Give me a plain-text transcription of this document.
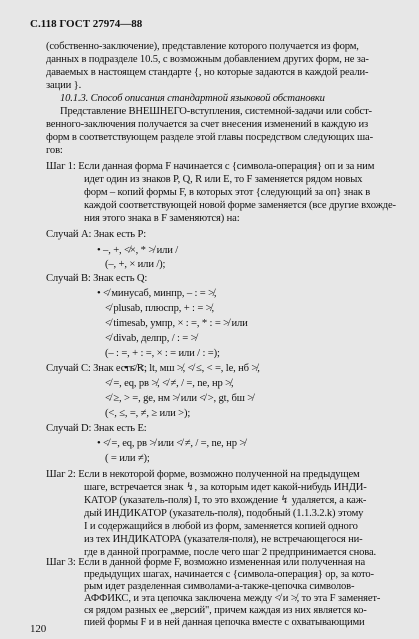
С.118 ГОСТ 27974—88
(собственно-заключение), представление которого получается из форм,
данных в подразделе 10.5, с возможным добавлением других форм, не за-
даваемых в настоящем стандарте {, но которые задаются в каждой реали-
зации }.
10.1.3. Способ описания стандартной языковой обстановки
Представление ВНЕШНЕГО-вступления, системной-задачи или собст-
венного-заключения получается за счет внесения изменений в каждую из
форм в соответствующем разделе этой главы посредством следующих ша-
гов:
Шаг 1: Если данная форма F начинается с {символа-операция} оп и за ним
идет один из знаков P, Q, R или E, то F заменяется рядом новых
форм – копий формы F, в которых этот {следующий за оп} знак в
каждой соответствующей новой форме заменяется (все другие вхожде-
ния этого знака в F заменяются) на:
Случай A: Знак есть P:
• –, +, ≮×, * ≯ или /
(–, +, × или /);
Случай B: Знак есть Q:
• ≮ минусаб, минпр, – : = ≯,
≮ plusab, плюспр, + : = ≯,
≮ timesab, умпр, × : =, * : = ≯ или
≮ divab, делпр, / : = ≯
(– : =, + : =, × : = или / : =);
Случай C: Знак есть R:
• ≮ <, lt, мш ≯, ≮ ≤, < =, le, нб ≯,
≮ =, eq, рв ≯, ≮ ≠, / =, ne, нр ≯,
≮ ≥, > =, ge, нм ≯ или ≮ >, gt, бш ≯
(<, ≤, =, ≠, ≥ или >);
Случай D: Знак есть E:
• ≮ =, eq, рв ≯ или ≮ ≠, / =, ne, нр ≯
( = или ≠);
Шаг 2: Если в некоторой форме, возможно полученной на предыдущем
шаге, встречается знак ↯, за которым идет какой-нибудь ИНДИ-
КАТОР (указатель-поля) I, то это вхождение ↯ удаляется, а каж-
дый ИНДИКАТОР (указатель-поля), подобный (1.1.3.2.k) этому
I и содержащийся в любой из форм, заменяется копией одного
из тех ИНДИКАТОРА (указателя-поля), не встречающегося ни-
где в данной программе, после чего шаг 2 предпринимается снова.
Шаг 3: Если в данной форме F, возможно измененная или полученная на
предыдущих шагах, начинается с {символа-операция} ор, за кото-
рым идет разделенная символами-а-также-цепочка символов-
АФФИКС, и эта цепочка заключена между ≮ и ≯, то эта F заменяет-
ся рядом разных ее „версий", причем каждая из них является ко-
пией формы F и в ней данная цепочка вместе с охватывающими
120
